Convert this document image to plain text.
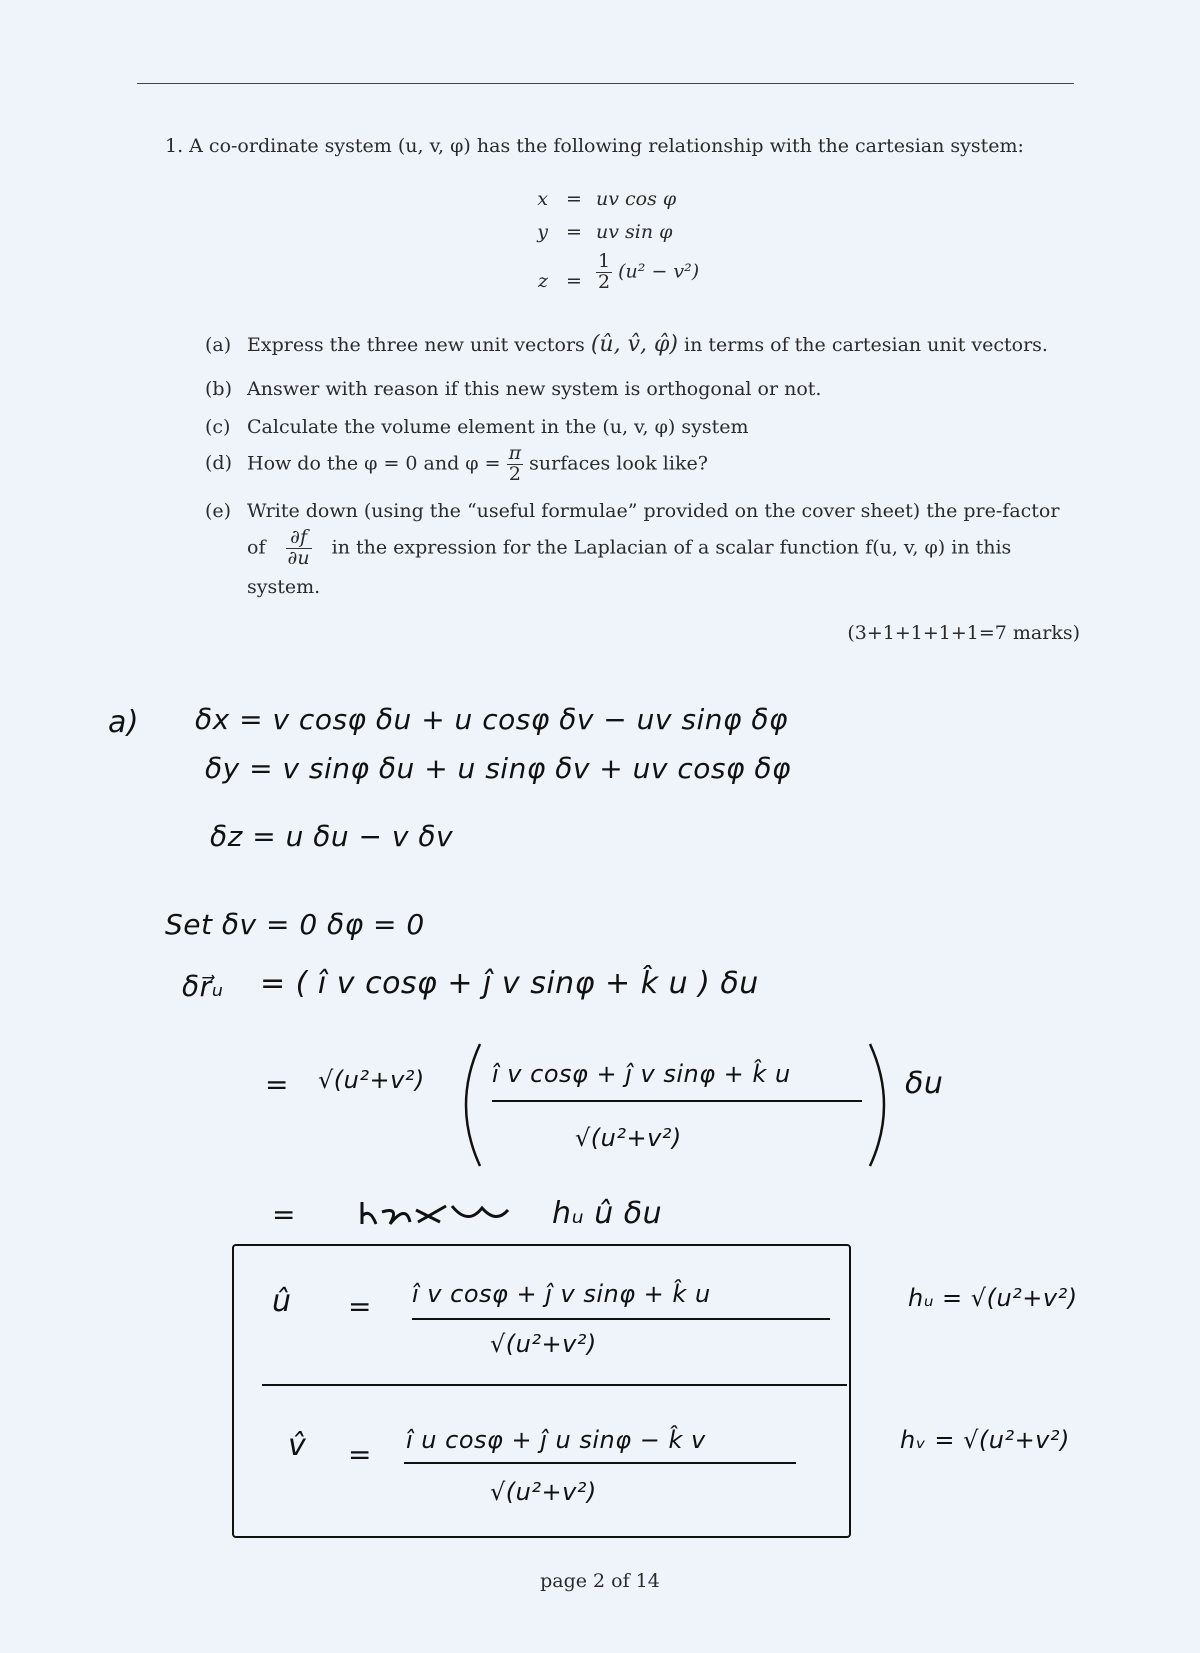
1. A co-ordinate system (u, v, φ) has the following relationship with the cartesian system:
x = uv cos φ
y = uv sin φ
$z = \frac{1}{2} (u^2 - v^2)$
(a) Express the three new unit vectors (û, v̂, φ̂) in terms of the cartesian unit vectors.
(b) Answer with reason if this new system is orthogonal or not.
(c) Calculate the volume element in the (u, v, φ) system
(d) How do the φ = 0 and $\varphi = \frac{\pi}{2}$ surfaces look like?
(e) Write down (using the “useful formulae” provided on the cover sheet) the pre-factor
of $\frac{\partial f}{\partial u}$ in the expression for the Laplacian of a scalar function f(u, v, φ) in this
system.
(3+1+1+1+1=7 marks)
a) δx = v cosφ δu + u cosφ δv − uv sinφ δφ
δy = v sinφ δu + u sinφ δv + uv cosφ δφ
δz = u δu − v δv
Set δv = 0 δφ = 0
δr⃗ᵤ = ( î v cosφ + ĵ v sinφ + k̂ u ) δu
= √(u²+v²)	î v cosφ + ĵ v sinφ + k̂ u
√(u²+v²)
δu
=	hᵤ û δu
û = î v cosφ + ĵ v sinφ + k̂ u
√(u²+v²)
hᵤ = √(u²+v²)
v̂ = î u cosφ + ĵ u sinφ − k̂ v
√(u²+v²)
hᵥ = √(u²+v²)
page 2 of 14
